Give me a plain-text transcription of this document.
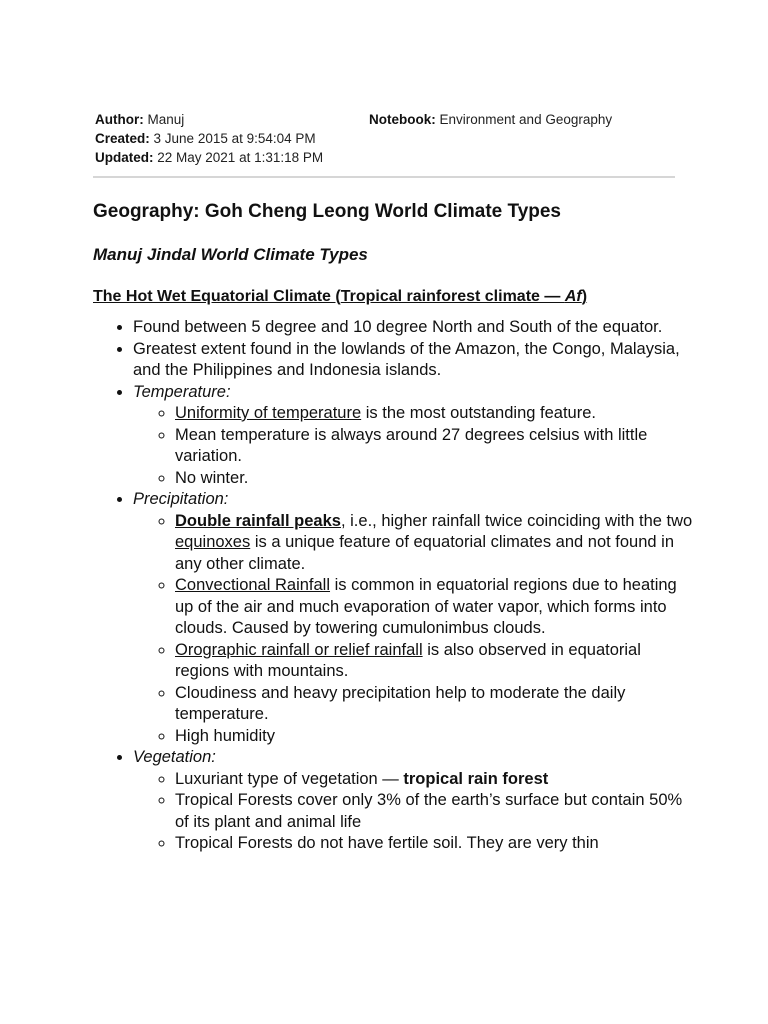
Author: Manuj	Notebook: Environment and Geography
Created: 3 June 2015 at 9:54:04 PM
Updated: 22 May 2021 at 1:31:18 PM
Geography: Goh Cheng Leong World Climate Types
Manuj Jindal World Climate Types
The Hot Wet Equatorial Climate (Tropical rainforest climate — Af)
• Found between 5 degree and 10 degree North and South of the equator.
• Greatest extent found in the lowlands of the Amazon, the Congo, Malaysia, and the Philippines and Indonesia islands.
• Temperature:
◦ Uniformity of temperature is the most outstanding feature.
◦ Mean temperature is always around 27 degrees celsius with little variation.
◦ No winter.
• Precipitation:
◦ Double rainfall peaks, i.e., higher rainfall twice coinciding with the two equinoxes is a unique feature of equatorial climates and not found in any other climate.
◦ Convectional Rainfall is common in equatorial regions due to heating up of the air and much evaporation of water vapor, which forms into clouds. Caused by towering cumulonimbus clouds.
◦ Orographic rainfall or relief rainfall is also observed in equatorial regions with mountains.
◦ Cloudiness and heavy precipitation help to moderate the daily temperature.
◦ High humidity
• Vegetation:
◦ Luxuriant type of vegetation — tropical rain forest
◦ Tropical Forests cover only 3% of the earth’s surface but contain 50% of its plant and animal life
◦ Tropical Forests do not have fertile soil. They are very thin
